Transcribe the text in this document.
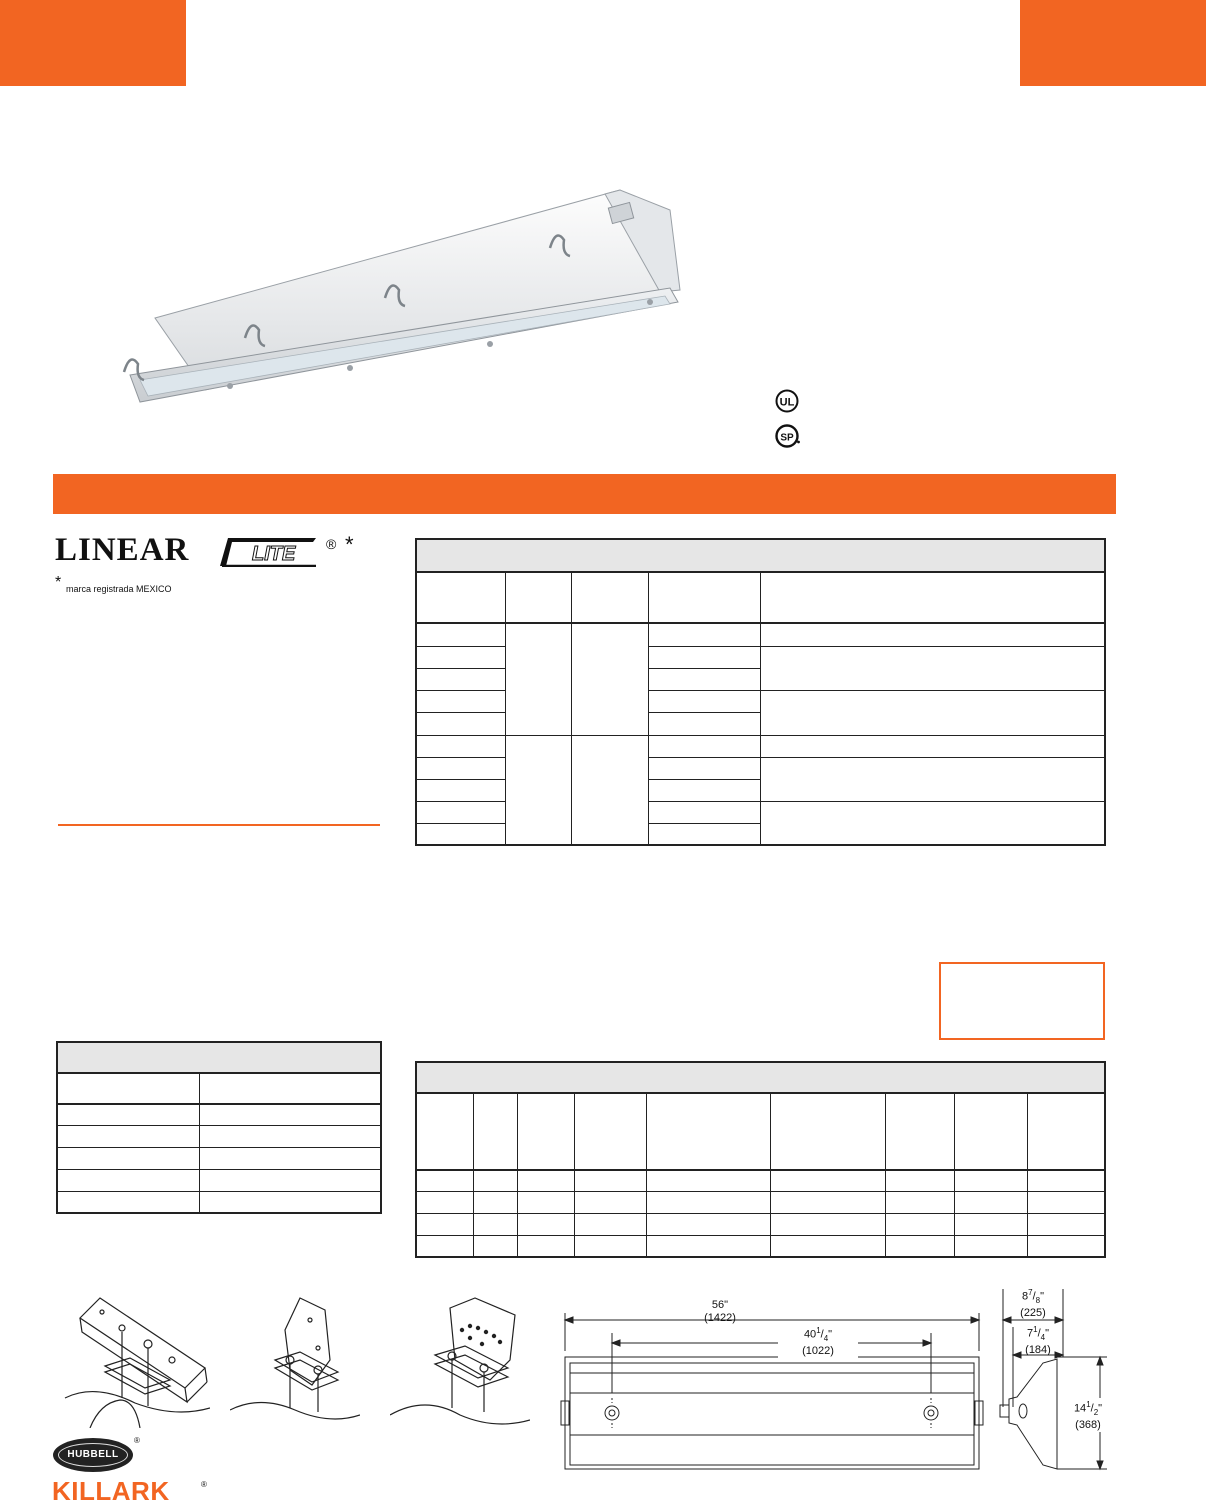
UL
SP
LINEAR	LITE ® *
* marca registrada MEXICO
56"
(1422)
$40^1/_4$"
(1022)
$8^7/_8$"
(225)
$7^1/_4$"
(184)
$14^1/_2$"
(368)
HUBBELL
®
KILLARK	®
